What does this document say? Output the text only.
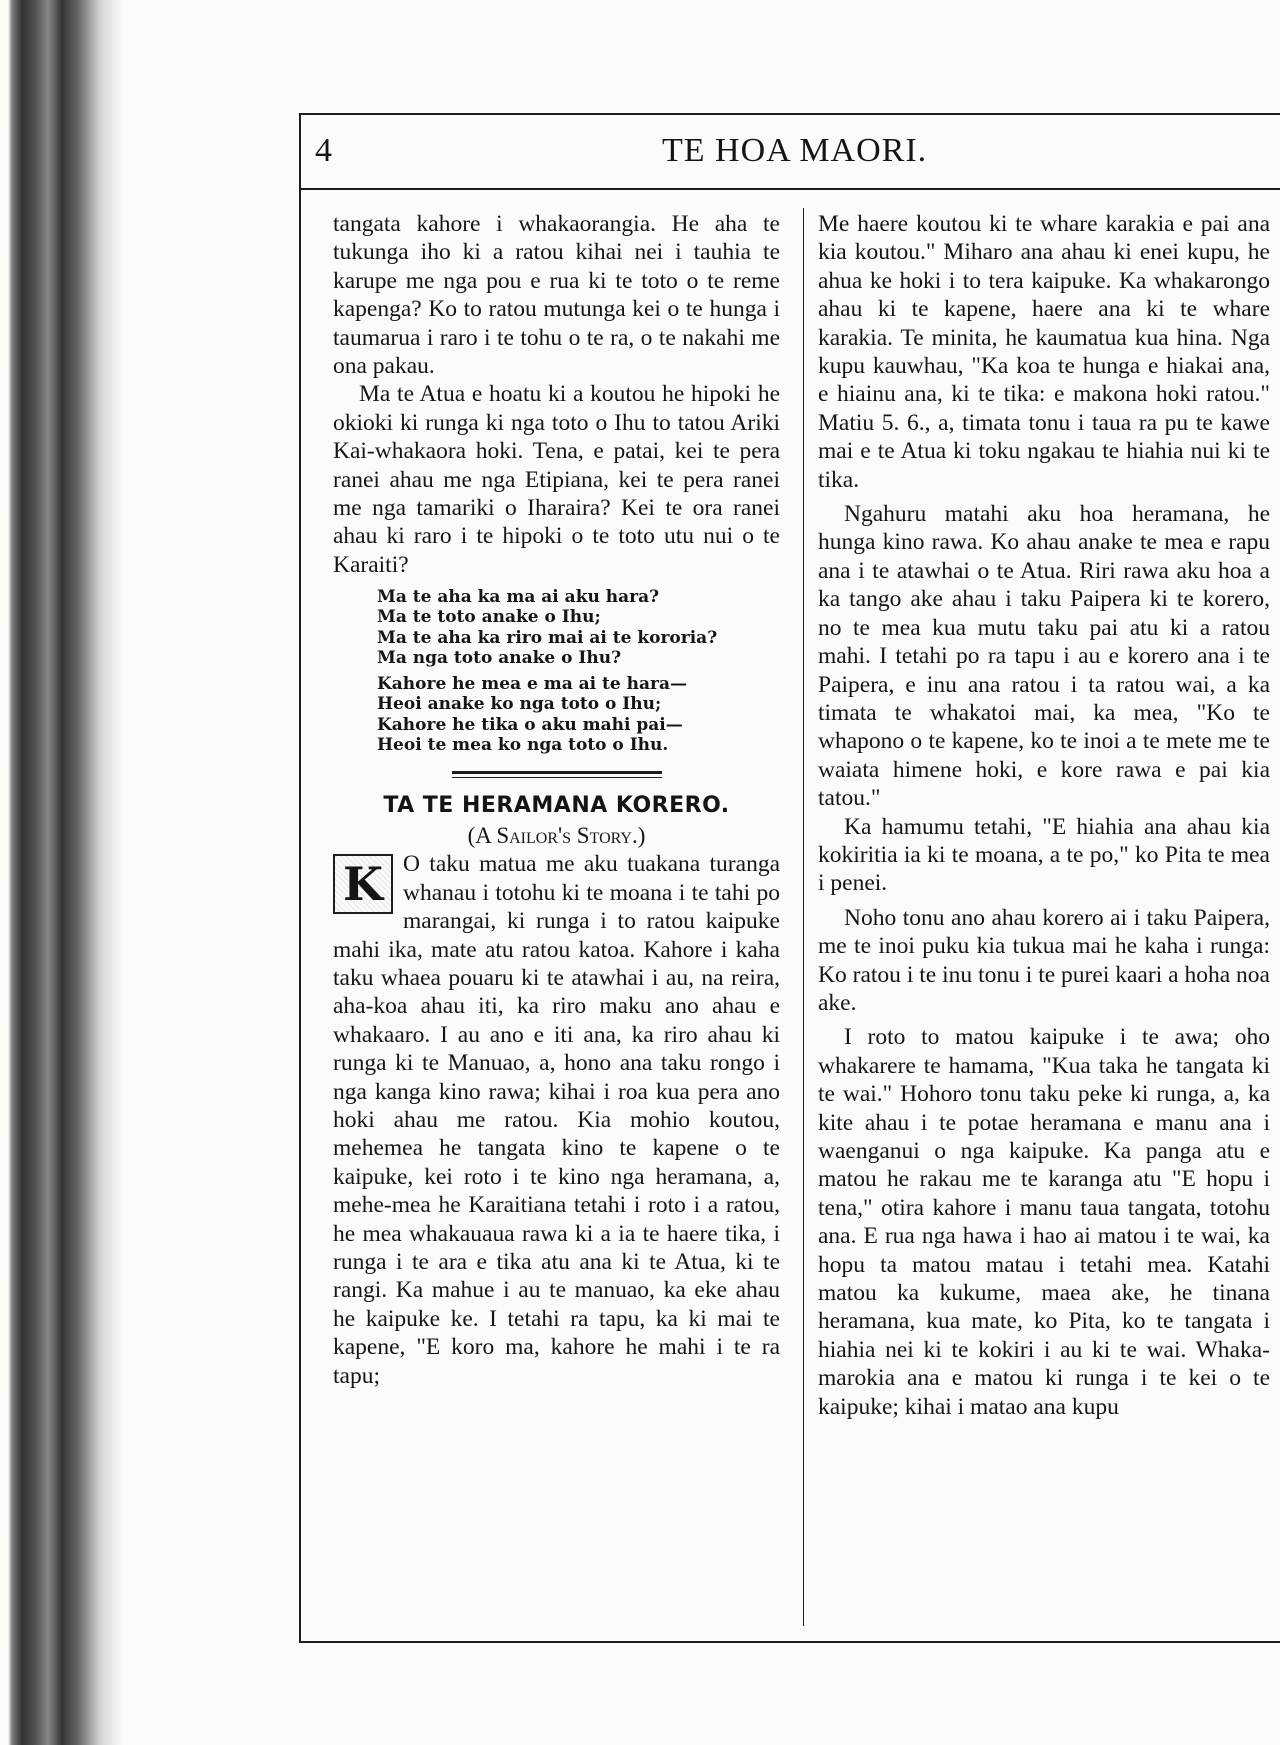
4	TE HOA MAORI.

tangata kahore i whakaorangia. He aha te tukunga iho ki a ratou kihai nei i tauhia te karupe me nga pou e rua ki te toto o te reme kapenga? Ko to ratou mutunga kei o te hunga i taumarua i raro i te tohu o te ra, o te nakahi me ona pakau.

Ma te Atua e hoatu ki a koutou he hipoki he okioki ki runga ki nga toto o Ihu to tatou Ariki Kai-whakaora hoki. Tena, e patai, kei te pera ranei ahau me nga Etipiana, kei te pera ranei me nga tamariki o Iharaira? Kei te ora ranei ahau ki raro i te hipoki o te toto utu nui o te Karaiti?

Ma te aha ka ma ai aku hara?
Ma te toto anake o Ihu;
Ma te aha ka riro mai ai te kororia?
Ma nga toto anake o Ihu?
Kahore he mea e ma ai te hara—
Heoi anake ko nga toto o Ihu;
Kahore he tika o aku mahi pai—
Heoi te mea ko nga toto o Ihu.
TA TE HERAMANA KORERO.
(A Sailor's Story.)

K O taku matua me aku tuakana turanga whanau i totohu ki te moana i te tahi po marangai, ki runga i to ratou kaipuke mahi ika, mate atu ratou katoa. Kahore i kaha taku whaea pouaru ki te atawhai i au, na reira, aha-koa ahau iti, ka riro maku ano ahau e whakaaro. I au ano e iti ana, ka riro ahau ki runga ki te Manuao, a, hono ana taku rongo i nga kanga kino rawa; kihai i roa kua pera ano hoki ahau me ratou. Kia mohio koutou, mehemea he tangata kino te kapene o te kaipuke, kei roto i te kino nga heramana, a, mehe-mea he Karaitiana tetahi i roto i a ratou, he mea whakauaua rawa ki a ia te haere tika, i runga i te ara e tika atu ana ki te Atua, ki te rangi. Ka mahue i au te manuao, ka eke ahau he kaipuke ke. I tetahi ra tapu, ka ki mai te kapene, "E koro ma, kahore he mahi i te ra tapu;

Me haere koutou ki te whare karakia e pai ana kia koutou." Miharo ana ahau ki enei kupu, he ahua ke hoki i to tera kaipuke. Ka whakarongo ahau ki te kapene, haere ana ki te whare karakia. Te minita, he kaumatua kua hina. Nga kupu kauwhau, "Ka koa te hunga e hiakai ana, e hiainu ana, ki te tika: e makona hoki ratou." Matiu 5. 6., a, timata tonu i taua ra pu te kawe mai e te Atua ki toku ngakau te hiahia nui ki te tika.

Ngahuru matahi aku hoa heramana, he hunga kino rawa. Ko ahau anake te mea e rapu ana i te atawhai o te Atua. Riri rawa aku hoa a ka tango ake ahau i taku Paipera ki te korero, no te mea kua mutu taku pai atu ki a ratou mahi. I tetahi po ra tapu i au e korero ana i te Paipera, e inu ana ratou i ta ratou wai, a ka timata te whakatoi mai, ka mea, "Ko te whapono o te kapene, ko te inoi a te mete me te waiata himene hoki, e kore rawa e pai kia tatou."

Ka hamumu tetahi, "E hiahia ana ahau kia kokiritia ia ki te moana, a te po," ko Pita te mea i penei.

Noho tonu ano ahau korero ai i taku Paipera, me te inoi puku kia tukua mai he kaha i runga: Ko ratou i te inu tonu i te purei kaari a hoha noa ake.

I roto to matou kaipuke i te awa; oho whakarere te hamama, "Kua taka he tangata ki te wai." Hohoro tonu taku peke ki runga, a, ka kite ahau i te potae heramana e manu ana i waenganui o nga kaipuke. Ka panga atu e matou he rakau me te karanga atu "E hopu i tena," otira kahore i manu taua tangata, totohu ana. E rua nga hawa i hao ai matou i te wai, ka hopu ta matou matau i tetahi mea. Katahi matou ka kukume, maea ake, he tinana heramana, kua mate, ko Pita, ko te tangata i hiahia nei ki te kokiri i au ki te wai. Whaka-marokia ana e matou ki runga i te kei o te kaipuke; kihai i matao ana kupu
